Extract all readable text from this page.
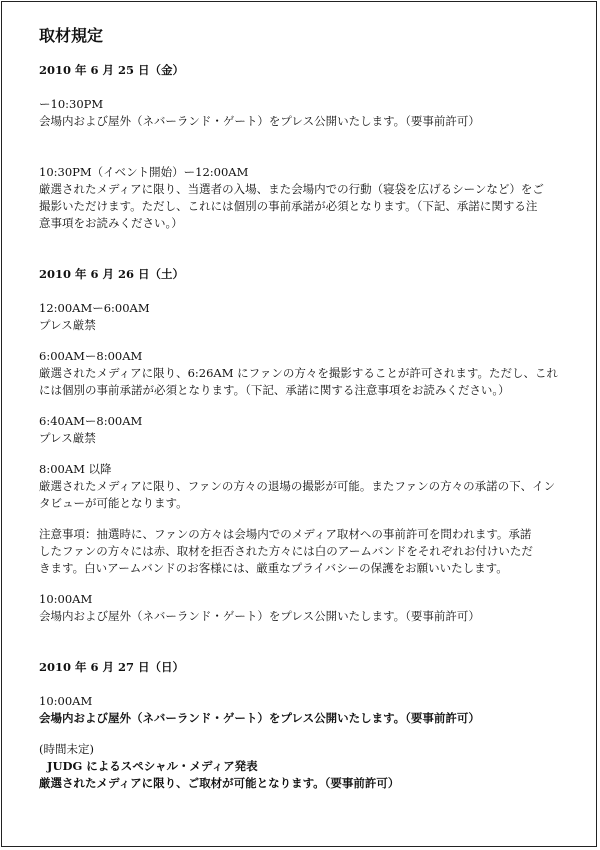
取材規定
2010 年 6 月 25 日（金）
ー10:30PM
会場内および屋外（ネバーランド・ゲート）をプレス公開いたします。（要事前許可）
10:30PM（イベント開始）ー12:00AM
厳選されたメディアに限り、当選者の入場、また会場内での行動（寝袋を広げるシーンなど）をご
撮影いただけます。ただし、これには個別の事前承諾が必須となります。（下記、承諾に関する注
意事項をお読みください。）
2010 年 6 月 26 日（土）
12:00AMー6:00AM
プレス厳禁
6:00AMー8:00AM
厳選されたメディアに限り、6:26AM にファンの方々を撮影することが許可されます。ただし、これ
には個別の事前承諾が必須となります。（下記、承諾に関する注意事項をお読みください。）
6:40AMー8:00AM
プレス厳禁
8:00AM 以降
厳選されたメディアに限り、ファンの方々の退場の撮影が可能。またファンの方々の承諾の下、イン
タビューが可能となります。
注意事項：抽選時に、ファンの方々は会場内でのメディア取材への事前許可を問われます。承諾
したファンの方々には赤、取材を拒否された方々には白のアームバンドをそれぞれお付けいただ
きます。白いアームバンドのお客様には、厳重なプライバシーの保護をお願いいたします。
10:00AM
会場内および屋外（ネバーランド・ゲート）をプレス公開いたします。（要事前許可）
2010 年 6 月 27 日（日）
10:00AM
会場内および屋外（ネバーランド・ゲート）をプレス公開いたします。（要事前許可）
(時間未定)
JUDG によるスペシャル・メディア発表
厳選されたメディアに限り、ご取材が可能となります。（要事前許可）
